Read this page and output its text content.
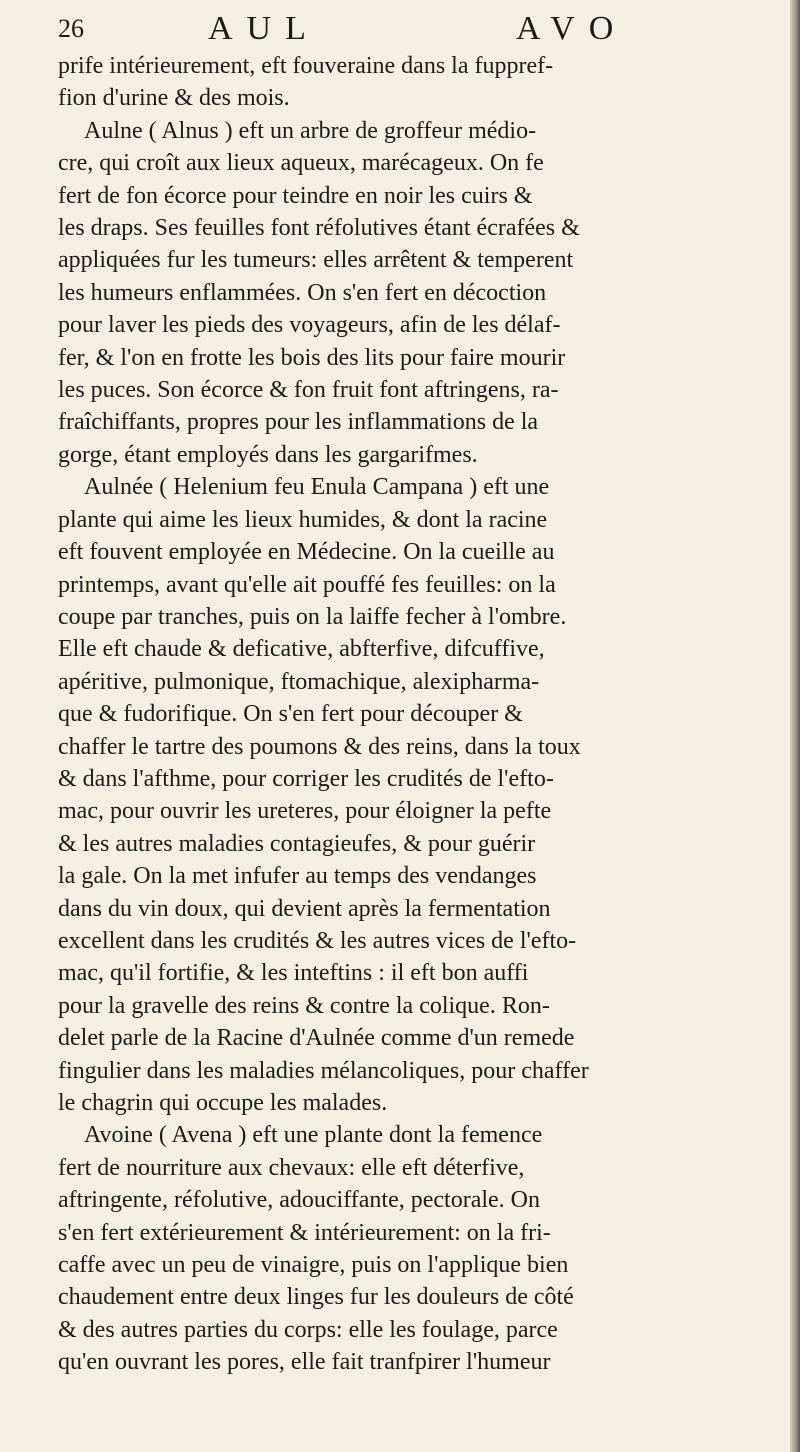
26	AUL	AVO
prife intérieurement, eft fouveraine dans la fuppref-
fion d'urine & des mois.
Aulne ( Alnus ) eft un arbre de groffeur médio-
cre, qui croît aux lieux aqueux, marécageux. On fe
fert de fon écorce pour teindre en noir les cuirs &
les draps. Ses feuilles font réfolutives étant écrafées &
appliquées fur les tumeurs: elles arrêtent & temperent
les humeurs enflammées. On s'en fert en décoction
pour laver les pieds des voyageurs, afin de les délaf-
fer, & l'on en frotte les bois des lits pour faire mourir
les puces. Son écorce & fon fruit font aftringens, ra-
fraîchiffants, propres pour les inflammations de la
gorge, étant employés dans les gargarifmes.
Aulnée ( Helenium feu Enula Campana ) eft une
plante qui aime les lieux humides, & dont la racine
eft fouvent employée en Médecine. On la cueille au
printemps, avant qu'elle ait pouffé fes feuilles: on la
coupe par tranches, puis on la laiffe fecher à l'ombre.
Elle eft chaude & deficative, abfterfive, difcuffive,
apéritive, pulmonique, ftomachique, alexipharma-
que & fudorifique. On s'en fert pour découper &
chaffer le tartre des poumons & des reins, dans la toux
& dans l'afthme, pour corriger les crudités de l'efto-
mac, pour ouvrir les ureteres, pour éloigner la pefte
& les autres maladies contagieufes, & pour guérir
la gale. On la met infufer au temps des vendanges
dans du vin doux, qui devient après la fermentation
excellent dans les crudités & les autres vices de l'efto-
mac, qu'il fortifie, & les inteftins : il eft bon auffi
pour la gravelle des reins & contre la colique. Ron-
delet parle de la Racine d'Aulnée comme d'un remede
fingulier dans les maladies mélancoliques, pour chaffer
le chagrin qui occupe les malades.
Avoine ( Avena ) eft une plante dont la femence
fert de nourriture aux chevaux: elle eft déterfive,
aftringente, réfolutive, adouciffante, pectorale. On
s'en fert extérieurement & intérieurement: on la fri-
caffe avec un peu de vinaigre, puis on l'applique bien
chaudement entre deux linges fur les douleurs de côté
& des autres parties du corps: elle les foulage, parce
qu'en ouvrant les pores, elle fait tranfpirer l'humeur
